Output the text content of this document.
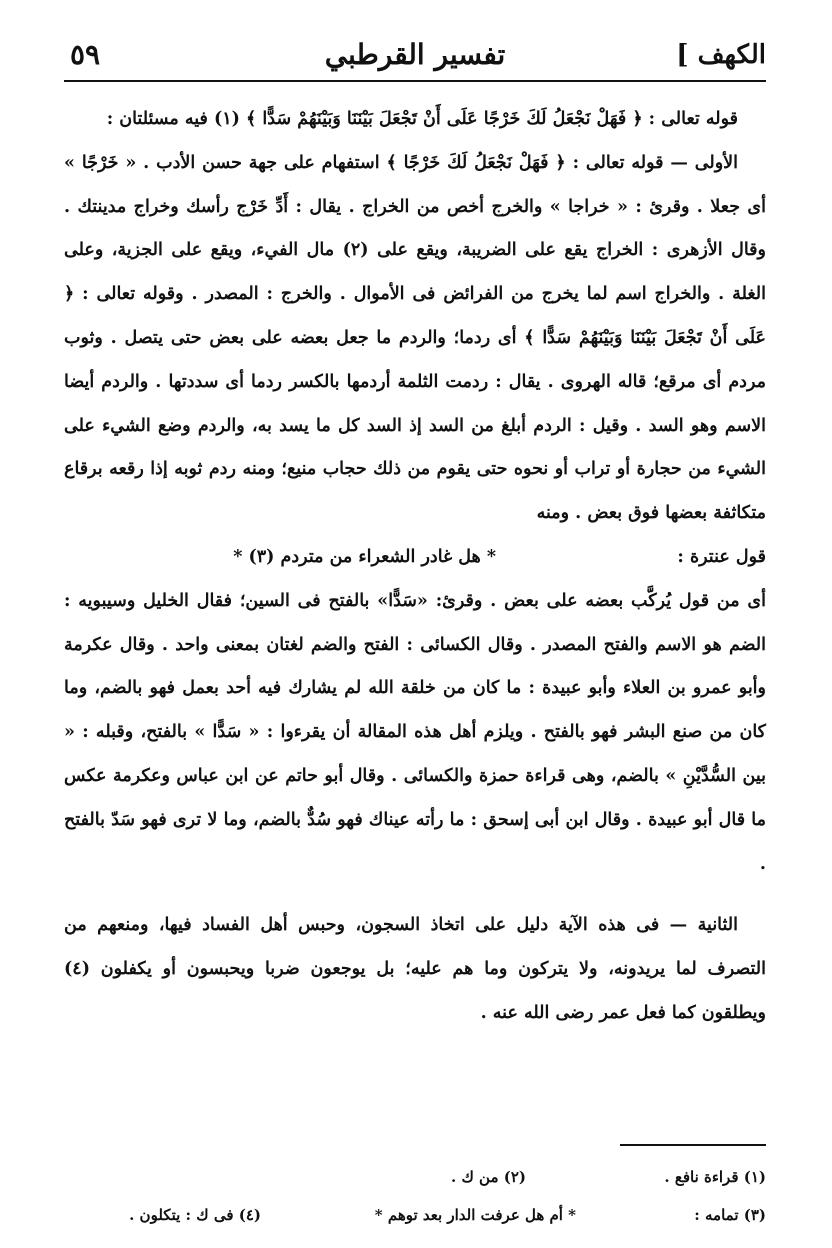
الكهف ]
تفسير القرطبي
٥٩

قوله تعالى : ﴿ فَهَلْ نَجْعَلُ لَكَ خَرْجًا عَلَى أَنْ تَجْعَلَ بَيْنَنَا وَبَيْنَهُمْ سَدًّا ﴾ (١) فيه مسئلتان :

الأولى — قوله تعالى : ﴿ فَهَلْ نَجْعَلُ لَكَ خَرْجًا ﴾ استفهام على جهة حسن الأدب . « خَرْجًا » أى جعلا . وقرئ : « خراجا » والخرج أخص من الخراج . يقال : أَدِّ خَرْج رأسك وخراج مدينتك . وقال الأزهرى : الخراج يقع على الضريبة، ويقع على (٢) مال الفيء، ويقع على الجزية، وعلى الغلة . والخراج اسم لما يخرج من الفرائض فى الأموال . والخرج : المصدر . وقوله تعالى : ﴿ عَلَى أَنْ تَجْعَلَ بَيْنَنَا وَبَيْنَهُمْ سَدًّا ﴾ أى ردما؛ والردم ما جعل بعضه على بعض حتى يتصل . وثوب مردم أى مرقع؛ قاله الهروى . يقال : ردمت الثلمة أردمها بالكسر ردما أى سددتها . والردم أيضا الاسم وهو السد . وقيل : الردم أبلغ من السد إذ السد كل ما يسد به، والردم وضع الشيء على الشيء من حجارة أو تراب أو نحوه حتى يقوم من ذلك حجاب منيع؛ ومنه ردم ثوبه إذا رقعه برقاع متكاثفة بعضها فوق بعض . ومنه

قول عنترة :
* هل غادر الشعراء من متردم (٣) *

أى من قول يُركَّب بعضه على بعض . وقرئ: «سَدًّا» بالفتح فى السين؛ فقال الخليل وسيبويه : الضم هو الاسم والفتح المصدر . وقال الكسائى : الفتح والضم لغتان بمعنى واحد . وقال عكرمة وأبو عمرو بن العلاء وأبو عبيدة : ما كان من خلقة الله لم يشارك فيه أحد بعمل فهو بالضم، وما كان من صنع البشر فهو بالفتح . ويلزم أهل هذه المقالة أن يقرءوا : « سَدًّا » بالفتح، وقبله : « بين السُّدَّيْنِ » بالضم، وهى قراءة حمزة والكسائى . وقال أبو حاتم عن ابن عباس وعكرمة عكس ما قال أبو عبيدة . وقال ابن أبى إسحق : ما رأته عيناك فهو سُدٌّ بالضم، وما لا ترى فهو سَدّ بالفتح .

الثانية — فى هذه الآية دليل على اتخاذ السجون، وحبس أهل الفساد فيها، ومنعهم من التصرف لما يريدونه، ولا يتركون وما هم عليه؛ بل يوجعون ضربا ويحبسون أو يكفلون (٤) ويطلقون كما فعل عمر رضى الله عنه .

(١) قراءة نافع .
(٢) من ك .
(٣) تمامه :
* أم هل عرفت الدار بعد توهم *
(٤) فى ك : يتكلون .
